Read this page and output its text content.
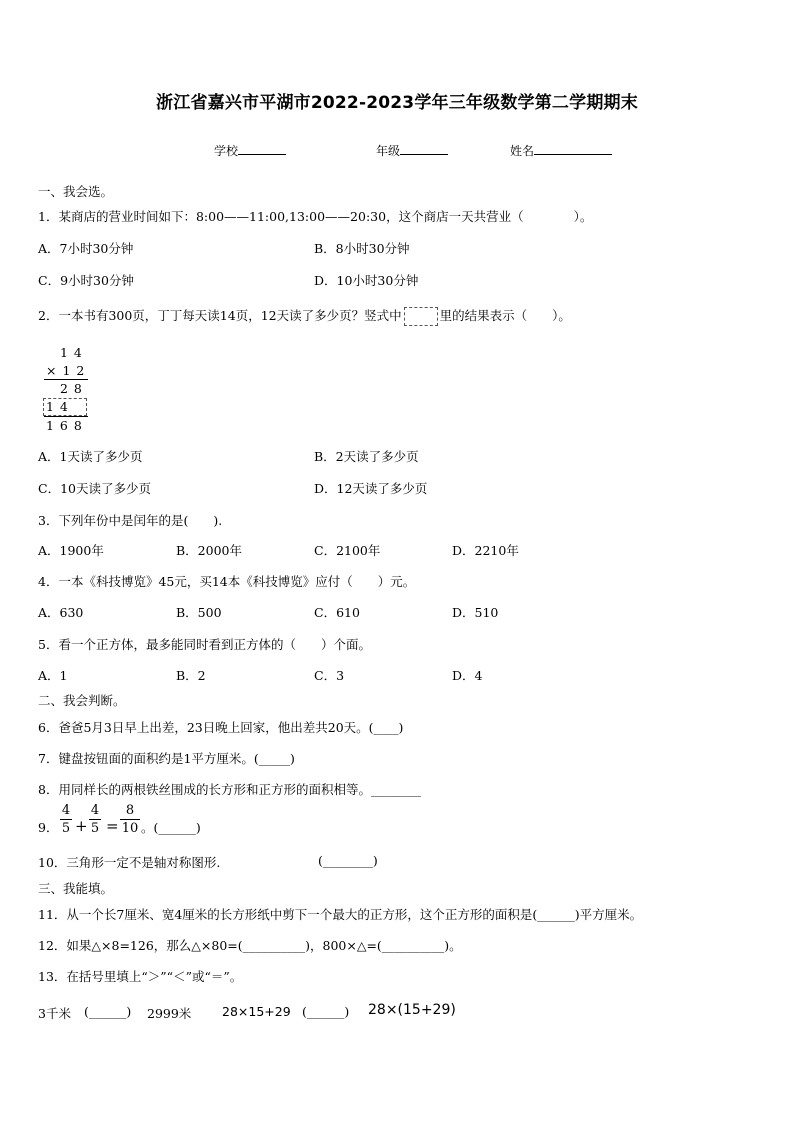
浙江省嘉兴市平湖市2022-2023学年三年级数学第二学期期末
学校	年级	姓名
一、我会选。
1．某商店的营业时间如下：8:00——11:00,13:00——20:30，这个商店一天共营业（　　　　）。
A．7小时30分钟	B．8小时30分钟
C．9小时30分钟	D．10小时30分钟
2．一本书有300页，丁丁每天读14页，12天读了多少页？竖式中	里的结果表示（　　）。
1 4
× 1 2
2 8
1 4
1 6 8
A．1天读了多少页	B．2天读了多少页
C．10天读了多少页	D．12天读了多少页
3．下列年份中是闰年的是(　　).
A．1900年	B．2000年	C．2100年	D．2210年
4．一本《科技博览》45元，买14本《科技博览》应付（　　）元。
A．630	B．500	C．610	D．510
5．看一个正方体，最多能同时看到正方体的（　　）个面。
A．1	B．2	C．3	D．4
二、我会判断。
6．爸爸5月3日早上出差，23日晚上回家，他出差共20天。(____)
7．键盘按钮面的面积约是1平方厘米。(_____)
8．用同样长的两根铁丝围成的长方形和正方形的面积相等。________
9．
4
5 +
4
5 =
8
10 。(______)
10．三角形一定不是轴对称图形.	(________)
三、我能填。
11．从一个长7厘米、宽4厘米的长方形纸中剪下一个最大的正方形，这个正方形的面积是(______)平方厘米。
12．如果△×8=126，那么△×80=(__________)，800×△=(__________)。
13．在括号里填上“＞”“＜”或“＝”。
3千米 (______) 2999米 28×15+29 (______) 28×(15+29)
